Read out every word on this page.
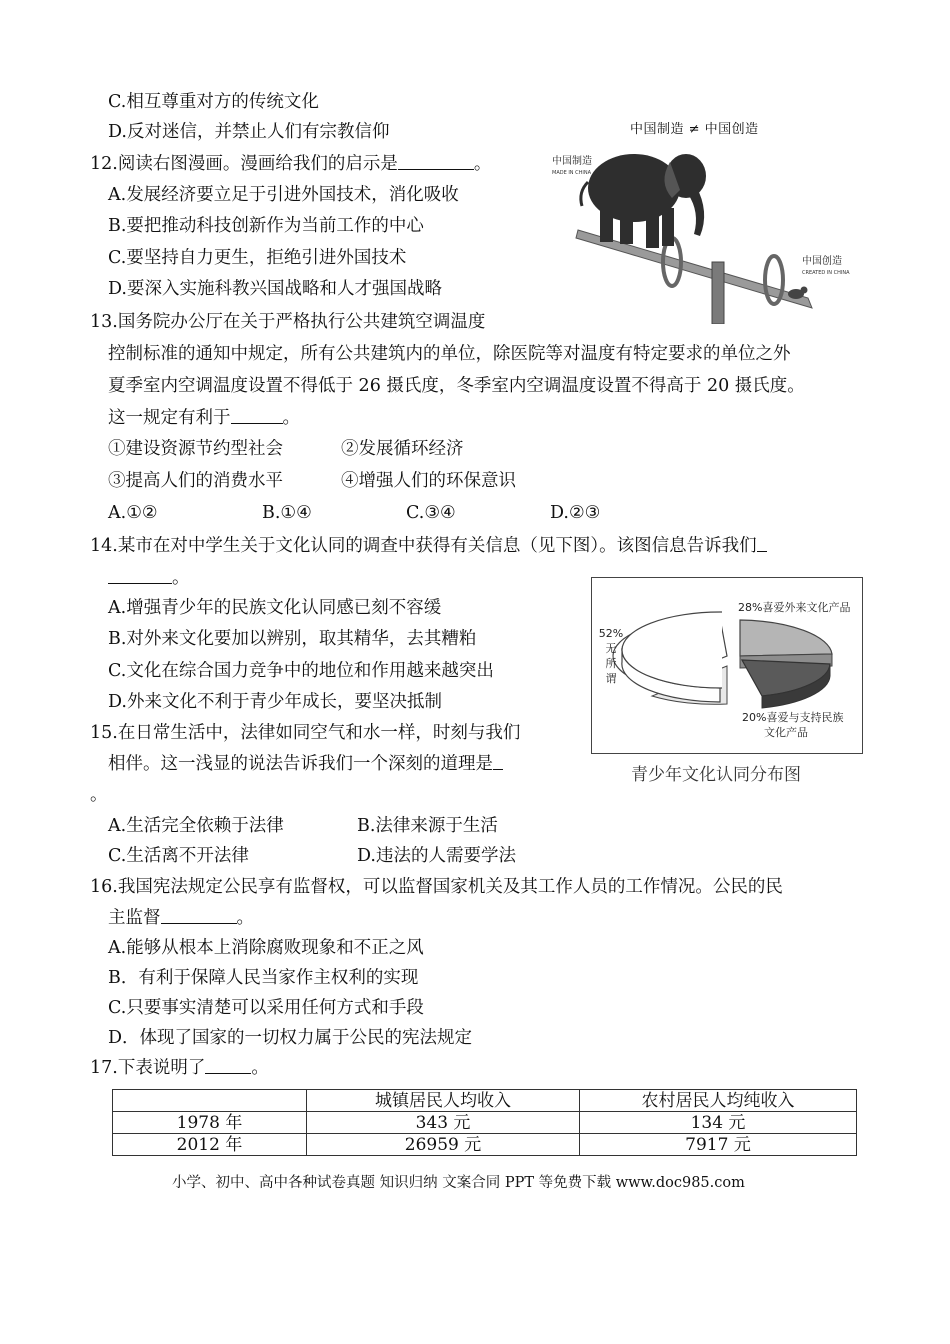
C.相互尊重对方的传统文化
D.反对迷信，并禁止人们有宗教信仰
12.阅读右图漫画。漫画给我们的启示是	。
A.发展经济要立足于引进外国技术，消化吸收
B.要把推动科技创新作为当前工作的中心
C.要坚持自力更生，拒绝引进外国技术
D.要深入实施科教兴国战略和人才强国战略
中国制造 ≠ 中国创造
中国制造
MADE IN CHINA
中国创造
CREATED IN CHINA
13.国务院办公厅在关于严格执行公共建筑空调温度
控制标准的通知中规定，所有公共建筑内的单位，除医院等对温度有特定要求的单位之外
夏季室内空调温度设置不得低于 26 摄氏度，冬季室内空调温度设置不得高于 20 摄氏度。
这一规定有利于	。
①建设资源节约型社会	②发展循环经济
③提高人们的消费水平	④增强人们的环保意识
A.①②	B.①④	C.③④	D.②③
14.某市在对中学生关于文化认同的调查中获得有关信息（见下图）。该图信息告诉我们
。
A.增强青少年的民族文化认同感已刻不容缓
B.对外来文化要加以辨别，取其精华，去其糟粕
C.文化在综合国力竞争中的地位和作用越来越突出
D.外来文化不利于青少年成长，要坚决抵制
28%喜爱外来文化产品
52%
无
所
谓
20%喜爱与支持民族
文化产品
青少年文化认同分布图
15.在日常生活中，法律如同空气和水一样，时刻与我们
相伴。这一浅显的说法告诉我们一个深刻的道理是
。
A.生活完全依赖于法律	B.法律来源于生活
C.生活离不开法律	D.违法的人需要学法
16.我国宪法规定公民享有监督权，可以监督国家机关及其工作人员的工作情况。公民的民
主监督	。
A.能够从根本上消除腐败现象和不正之风
B．有利于保障人民当家作主权利的实现
C.只要事实清楚可以采用任何方式和手段
D．体现了国家的一切权力属于公民的宪法规定
17.下表说明了	。
	城镇居民人均收入	农村居民人均纯收入
1978 年	343 元	134 元
2012 年	26959 元	7917 元
小学、初中、高中各种试卷真题 知识归纳 文案合同 PPT 等免费下载 www.doc985.com
